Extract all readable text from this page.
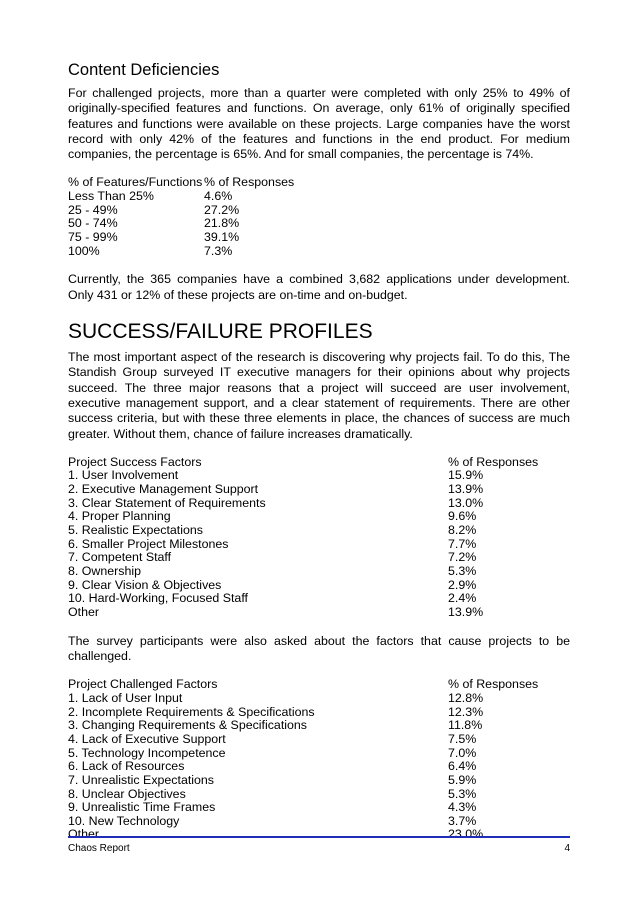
Content Deficiencies

For challenged projects, more than a quarter were completed with only 25% to 49% of originally-specified features and functions. On average, only 61% of originally specified features and functions were available on these projects. Large companies have the worst record with only 42% of the features and functions in the end product. For medium companies, the percentage is 65%. And for small companies, the percentage is 74%.

% of Features/Functions	% of Responses
Less Than 25%	4.6%
25 - 49%	27.2%
50 - 74%	21.8%
75 - 99%	39.1%
100%	7.3%

Currently, the 365 companies have a combined 3,682 applications under development. Only 431 or 12% of these projects are on-time and on-budget.

SUCCESS/FAILURE PROFILES

The most important aspect of the research is discovering why projects fail. To do this, The Standish Group surveyed IT executive managers for their opinions about why projects succeed. The three major reasons that a project will succeed are user involvement, executive management support, and a clear statement of requirements. There are other success criteria, but with these three elements in place, the chances of success are much greater. Without them, chance of failure increases dramatically.

Project Success Factors	% of Responses
1. User Involvement	15.9%
2. Executive Management Support	13.9%
3. Clear Statement of Requirements	13.0%
4. Proper Planning	9.6%
5. Realistic Expectations	8.2%
6. Smaller Project Milestones	7.7%
7. Competent Staff	7.2%
8. Ownership	5.3%
9. Clear Vision & Objectives	2.9%
10. Hard-Working, Focused Staff	2.4%
Other	13.9%

The survey participants were also asked about the factors that cause projects to be challenged.

Project Challenged Factors	% of Responses
1. Lack of User Input	12.8%
2. Incomplete Requirements & Specifications	12.3%
3. Changing Requirements & Specifications	11.8%
4. Lack of Executive Support	7.5%
5. Technology Incompetence	7.0%
6. Lack of Resources	6.4%
7. Unrealistic Expectations	5.9%
8. Unclear Objectives	5.3%
9. Unrealistic Time Frames	4.3%
10. New Technology	3.7%
Other	23.0%
Chaos Report	4
